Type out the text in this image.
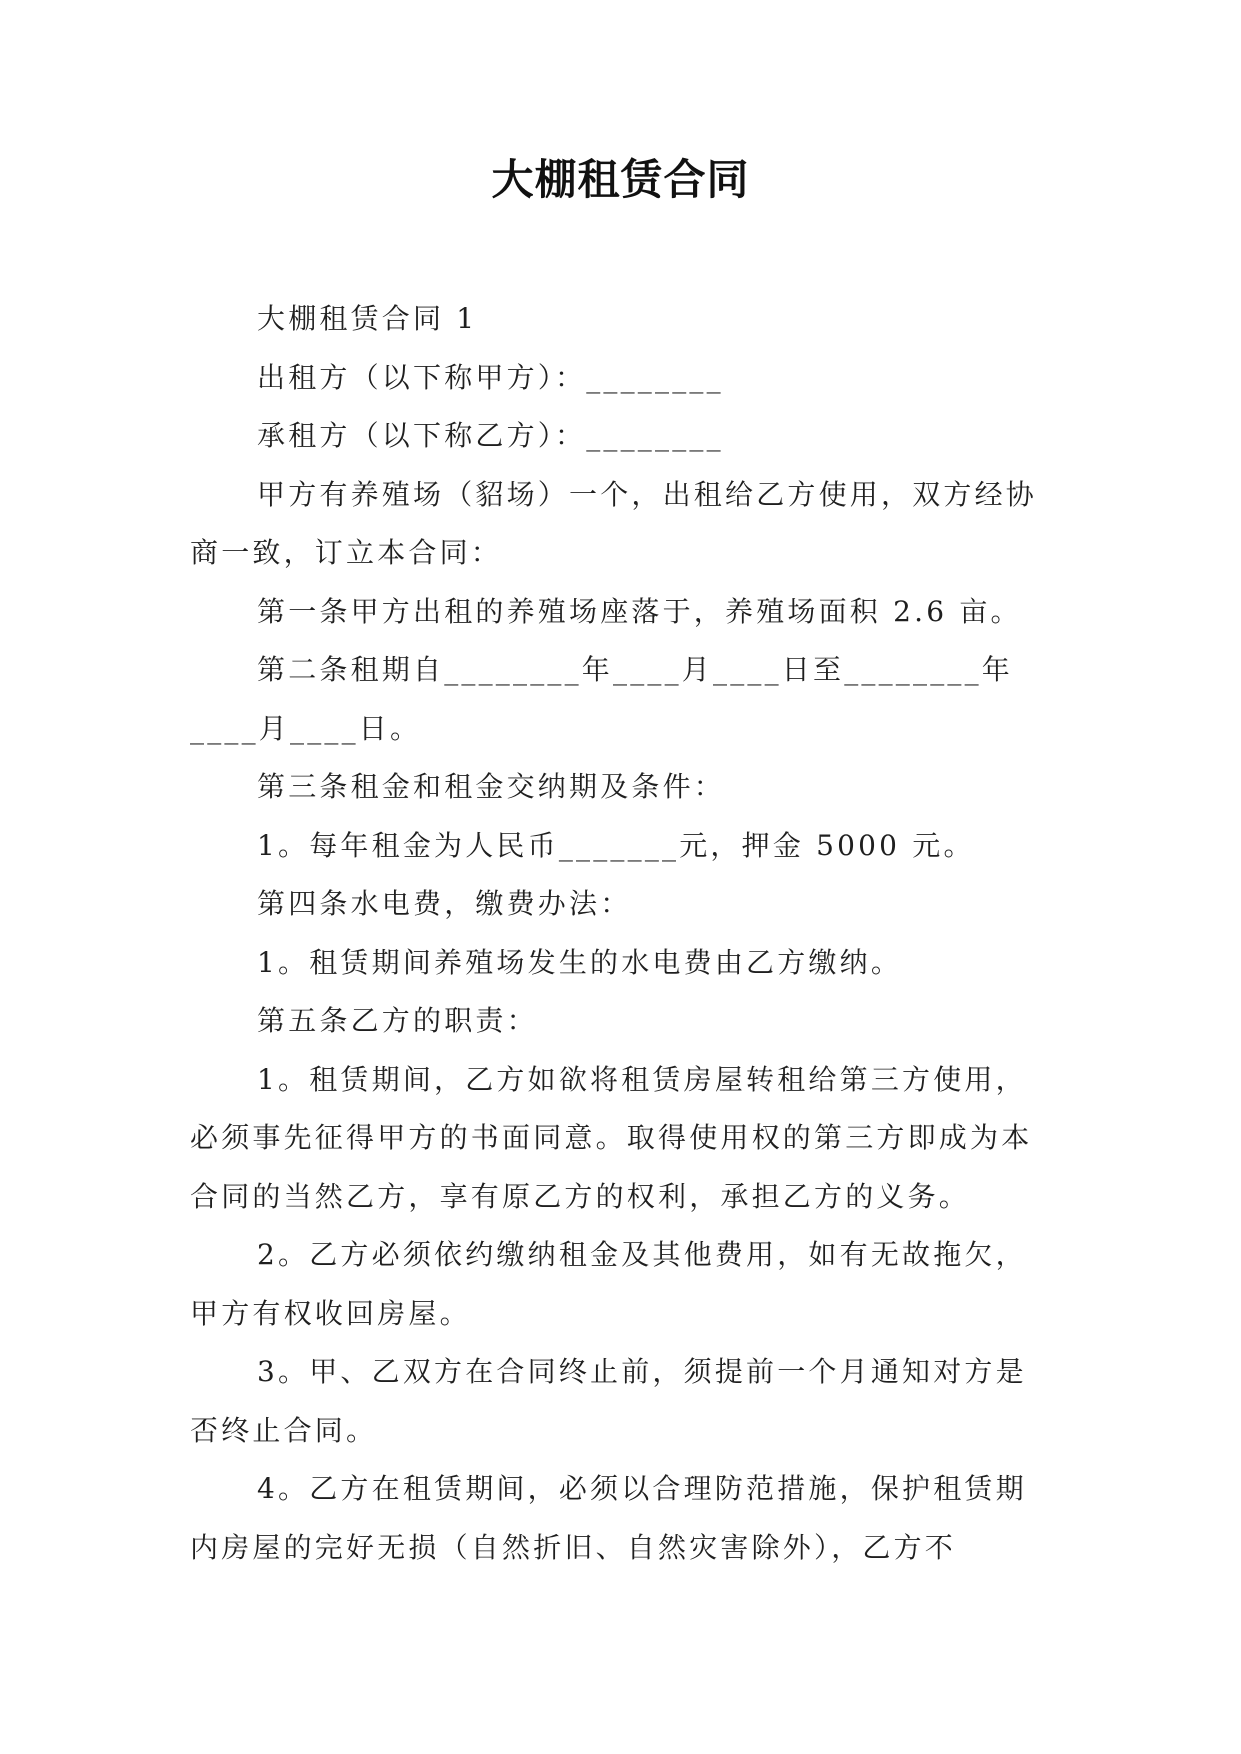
大棚租赁合同

大棚租赁合同 1

出租方（以下称甲方）：________

承租方（以下称乙方）：________

甲方有养殖场（貂场）一个，出租给乙方使用，双方经协商一致，订立本合同：

第一条甲方出租的养殖场座落于，养殖场面积 2.6 亩。

第二条租期自________年____月____日至________年____月____日。

第三条租金和租金交纳期及条件：

1。每年租金为人民币_______元，押金 5000 元。

第四条水电费，缴费办法：

1。租赁期间养殖场发生的水电费由乙方缴纳。

第五条乙方的职责：

1。租赁期间，乙方如欲将租赁房屋转租给第三方使用，必须事先征得甲方的书面同意。取得使用权的第三方即成为本合同的当然乙方，享有原乙方的权利，承担乙方的义务。

2。乙方必须依约缴纳租金及其他费用，如有无故拖欠，甲方有权收回房屋。

3。甲、乙双方在合同终止前，须提前一个月通知对方是否终止合同。

4。乙方在租赁期间，必须以合理防范措施，保护租赁期内房屋的完好无损（自然折旧、自然灾害除外），乙方不
